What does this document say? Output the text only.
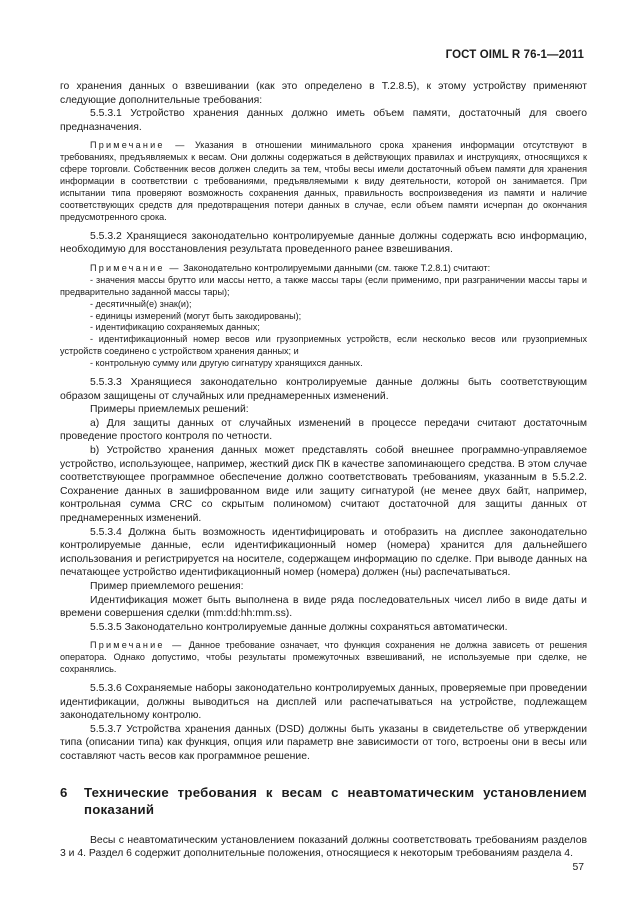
ГОСТ OIML R 76-1—2011

го хранения данных о взвешивании (как это определено в Т.2.8.5), к этому устройству применяют следующие дополнительные требования:

5.5.3.1 Устройство хранения данных должно иметь объем памяти, достаточный для своего предназначения.

Примечание — Указания в отношении минимального срока хранения информации отсутствуют в требованиях, предъявляемых к весам. Они должны содержаться в действующих правилах и инструкциях, относящихся к сфере торговли. Собственник весов должен следить за тем, чтобы весы имели достаточный объем памяти для хранения информации в соответствии с требованиями, предъявляемыми к виду деятельности, которой он занимается. При испытании типа проверяют возможность сохранения данных, правильность воспроизведения из памяти и наличие соответствующих средств для предотвращения потери данных в случае, если объем памяти исчерпан до окончания предусмотренного срока.

5.5.3.2 Хранящиеся законодательно контролируемые данные должны содержать всю информацию, необходимую для восстановления результата проведенного ранее взвешивания.

Примечание — Законодательно контролируемыми данными (см. также Т.2.8.1) считают:

- значения массы брутто или массы нетто, а также массы тары (если применимо, при разграничении массы тары и предварительно заданной массы тары);

- десятичный(е) знак(и);

- единицы измерений (могут быть закодированы);

- идентификацию сохраняемых данных;

- идентификационный номер весов или грузоприемных устройств, если несколько весов или грузоприемных устройств соединено с устройством хранения данных; и

- контрольную сумму или другую сигнатуру хранящихся данных.

5.5.3.3 Хранящиеся законодательно контролируемые данные должны быть соответствующим образом защищены от случайных или преднамеренных изменений.

Примеры приемлемых решений:

a) Для защиты данных от случайных изменений в процессе передачи считают достаточным проведение простого контроля по четности.

b) Устройство хранения данных может представлять собой внешнее программно-управляемое устройство, использующее, например, жесткий диск ПК в качестве запоминающего средства. В этом случае соответствующее программное обеспечение должно соответствовать требованиям, указанным в 5.5.2.2. Сохранение данных в зашифрованном виде или защиту сигнатурой (не менее двух байт, например, контрольная сумма CRC со скрытым полиномом) считают достаточной для защиты данных от преднамеренных изменений.

5.5.3.4 Должна быть возможность идентифицировать и отобразить на дисплее законодательно контролируемые данные, если идентификационный номер (номера) хранится для дальнейшего использования и регистрируется на носителе, содержащем информацию по сделке. При выводе данных на печатающее устройство идентификационный номер (номера) должен (ны) распечатываться.

Пример приемлемого решения:

Идентификация может быть выполнена в виде ряда последовательных чисел либо в виде даты и времени совершения сделки (mm:dd:hh:mm.ss).

5.5.3.5 Законодательно контролируемые данные должны сохраняться автоматически.

Примечание — Данное требование означает, что функция сохранения не должна зависеть от решения оператора. Однако допустимо, чтобы результаты промежуточных взвешиваний, не используемые при сделке, не сохранялись.

5.5.3.6 Сохраняемые наборы законодательно контролируемых данных, проверяемые при проведении идентификации, должны выводиться на дисплей или распечатываться на устройстве, подлежащем законодательному контролю.

5.5.3.7 Устройства хранения данных (DSD) должны быть указаны в свидетельстве об утверждении типа (описании типа) как функция, опция или параметр вне зависимости от того, встроены они в весы или составляют часть весов как программное решение.

6	Технические требования к весам с неавтоматическим установлением показаний

Весы с неавтоматическим установлением показаний должны соответствовать требованиям разделов 3 и 4. Раздел 6 содержит дополнительные положения, относящиеся к некоторым требованиям раздела 4.

57
